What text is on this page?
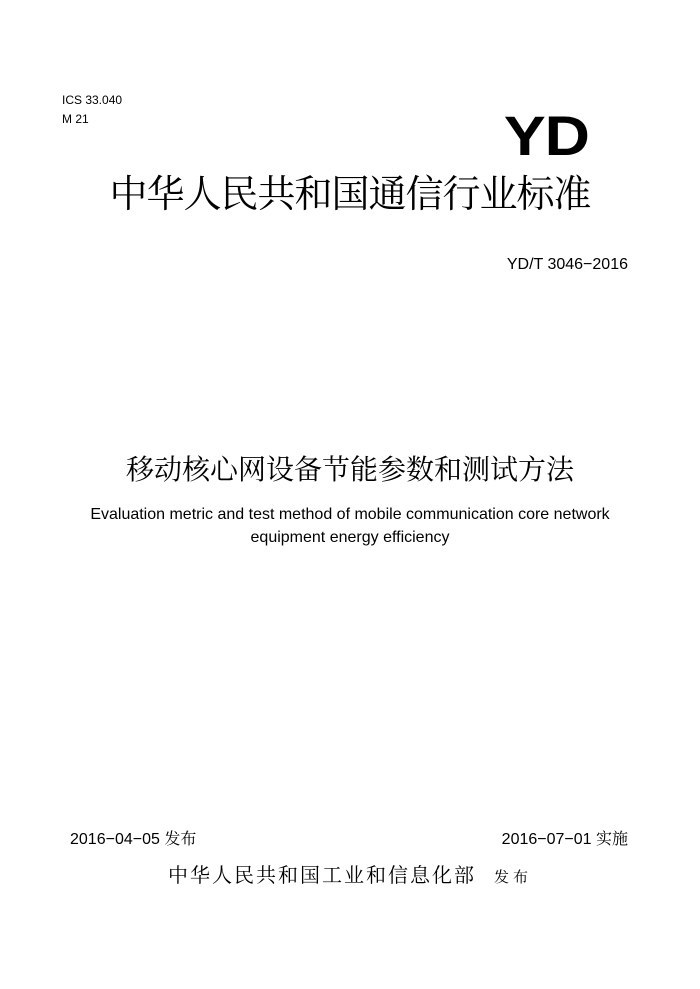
ICS 33.040
M 21	YD
中华人民共和国通信行业标准
YD/T 3046−2016
移动核心网设备节能参数和测试方法
Evaluation metric and test method of mobile communication core network
equipment energy efficiency
2016−04−05 发布	2016−07−01 实施
中华人民共和国工业和信息化部 发布
